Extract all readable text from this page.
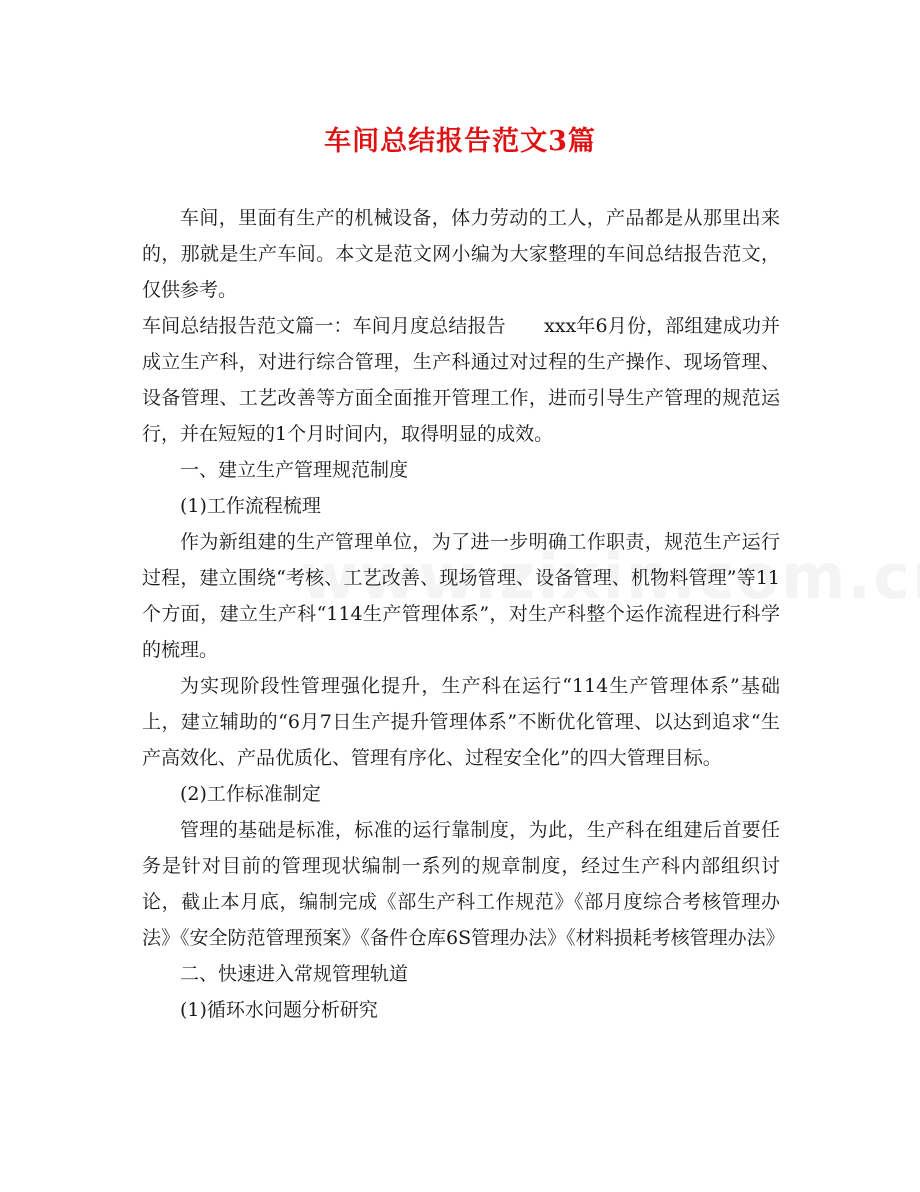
车间总结报告范文3篇

车间，里面有生产的机械设备，体力劳动的工人，产品都是从那里出来的，那就是生产车间。本文是范文网小编为大家整理的车间总结报告范文，仅供参考。

车间总结报告范文篇一：车间月度总结报告　　xxx年6月份，部组建成功并成立生产科，对进行综合管理，生产科通过对过程的生产操作、现场管理、设备管理、工艺改善等方面全面推开管理工作，进而引导生产管理的规范运行，并在短短的1个月时间内，取得明显的成效。

一、建立生产管理规范制度

(1)工作流程梳理

作为新组建的生产管理单位，为了进一步明确工作职责，规范生产运行过程，建立围绕“考核、工艺改善、现场管理、设备管理、机物料管理”等11个方面，建立生产科“114生产管理体系”，对生产科整个运作流程进行科学的梳理。

为实现阶段性管理强化提升，生产科在运行“114生产管理体系”基础上，建立辅助的“6月7日生产提升管理体系”不断优化管理、以达到追求“生产高效化、产品优质化、管理有序化、过程安全化”的四大管理目标。

(2)工作标准制定

管理的基础是标准，标准的运行靠制度，为此，生产科在组建后首要任务是针对目前的管理现状编制一系列的规章制度，经过生产科内部组织讨论，截止本月底，编制完成《部生产科工作规范》《部月度综合考核管理办法》《安全防范管理预案》《备件仓库6S管理办法》《材料损耗考核管理办法》

二、快速进入常规管理轨道

(1)循环水问题分析研究
